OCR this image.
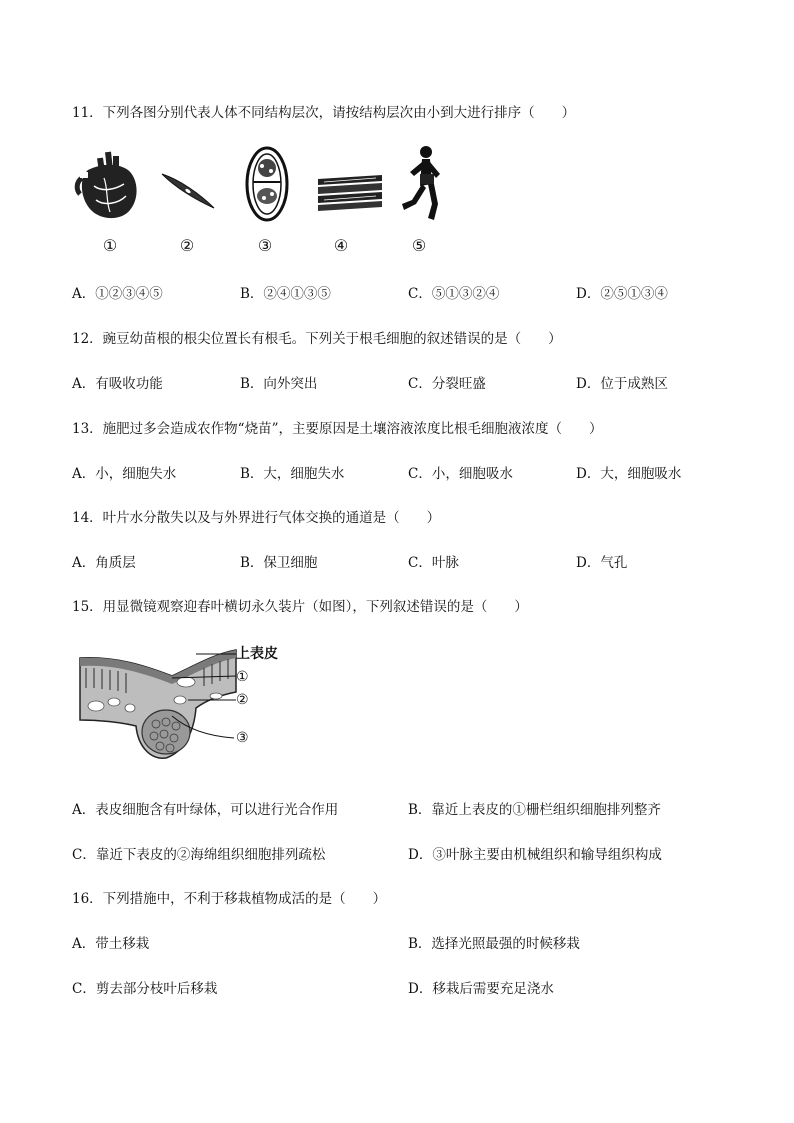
11．下列各图分别代表人体不同结构层次，请按结构层次由小到大进行排序（　　）
①	②	③	④	⑤
A．①②③④⑤	B．②④①③⑤	C．⑤①③②④	D．②⑤①③④
12．豌豆幼苗根的根尖位置长有根毛。下列关于根毛细胞的叙述错误的是（　　）
A．有吸收功能	B．向外突出	C．分裂旺盛	D．位于成熟区
13．施肥过多会造成农作物“烧苗”，主要原因是土壤溶液浓度比根毛细胞液浓度（　　）
A．小，细胞失水	B．大，细胞失水	C．小，细胞吸水	D．大，细胞吸水
14．叶片水分散失以及与外界进行气体交换的通道是（　　）
A．角质层	B．保卫细胞	C．叶脉	D．气孔
15．用显微镜观察迎春叶横切永久装片（如图），下列叙述错误的是（　　）
上表皮
①
②
③
A．表皮细胞含有叶绿体，可以进行光合作用	B．靠近上表皮的①栅栏组织细胞排列整齐
C．靠近下表皮的②海绵组织细胞排列疏松	D．③叶脉主要由机械组织和输导组织构成
16．下列措施中，不利于移栽植物成活的是（　　）
A．带土移栽	B．选择光照最强的时候移栽
C．剪去部分枝叶后移栽	D．移栽后需要充足浇水
